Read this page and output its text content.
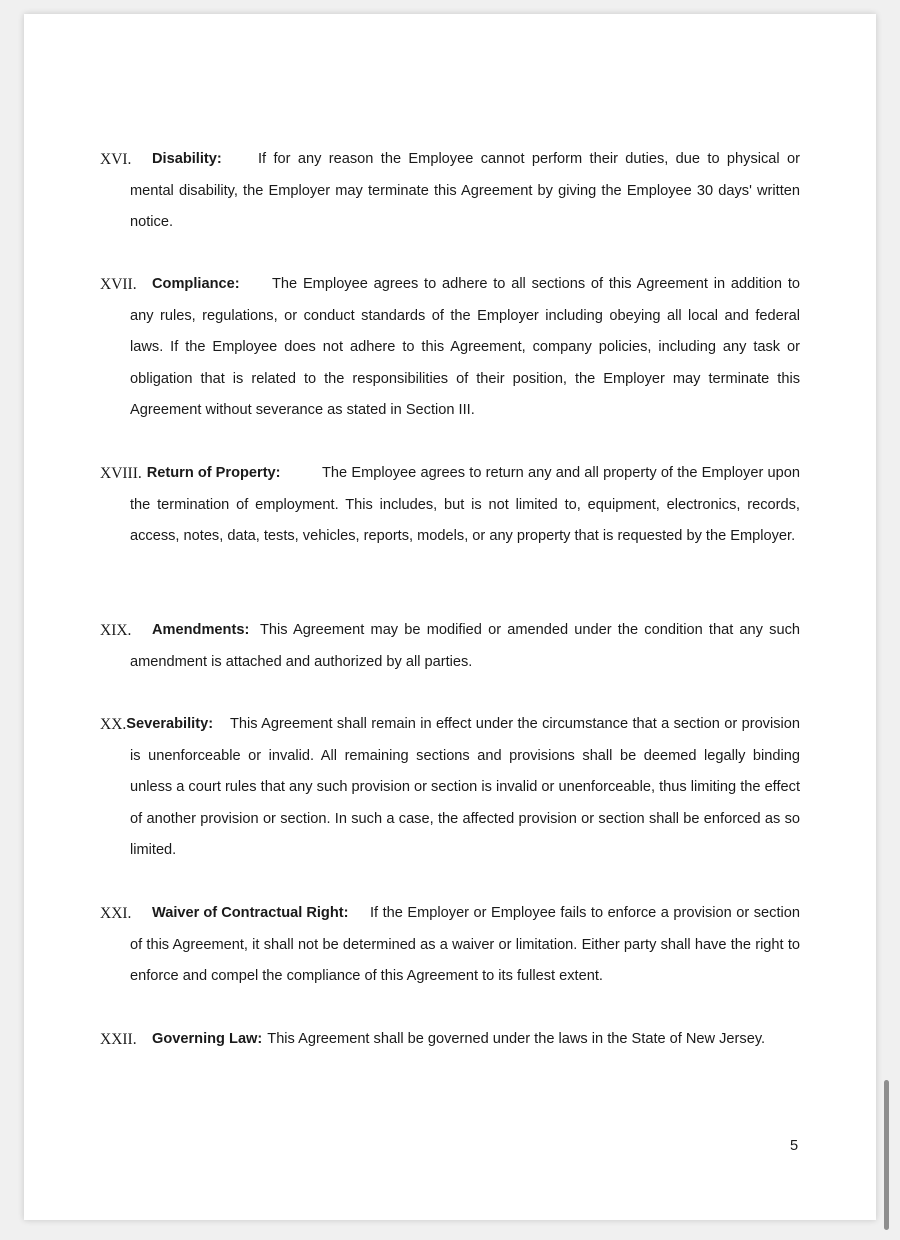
XVI.	Disability:	If for any reason the Employee cannot perform their duties, due to physical or mental disability, the Employer may terminate this Agreement by giving the Employee 30 days' written notice.
XVII.	Compliance:	The Employee agrees to adhere to all sections of this Agreement in addition to any rules, regulations, or conduct standards of the Employer including obeying all local and federal laws. If the Employee does not adhere to this Agreement, company policies, including any task or obligation that is related to the responsibilities of their position, the Employer may terminate this Agreement without severance as stated in Section III.
XVIII. Return of Property:	The Employee agrees to return any and all property of the Employer upon the termination of employment. This includes, but is not limited to, equipment, electronics, records, access, notes, data, tests, vehicles, reports, models, or any property that is requested by the Employer.
XIX.	Amendments: This Agreement may be modified or amended under the condition that any such amendment is attached and authorized by all parties.
XX. Severability:	This Agreement shall remain in effect under the circumstance that a section or provision is unenforceable or invalid. All remaining sections and provisions shall be deemed legally binding unless a court rules that any such provision or section is invalid or unenforceable, thus limiting the effect of another provision or section. In such a case, the affected provision or section shall be enforced as so limited.
XXI.	Waiver of Contractual Right:	If the Employer or Employee fails to enforce a provision or section of this Agreement, it shall not be determined as a waiver or limitation. Either party shall have the right to enforce and compel the compliance of this Agreement to its fullest extent.
XXII.	Governing Law: This Agreement shall be governed under the laws in the State of New Jersey.
5
